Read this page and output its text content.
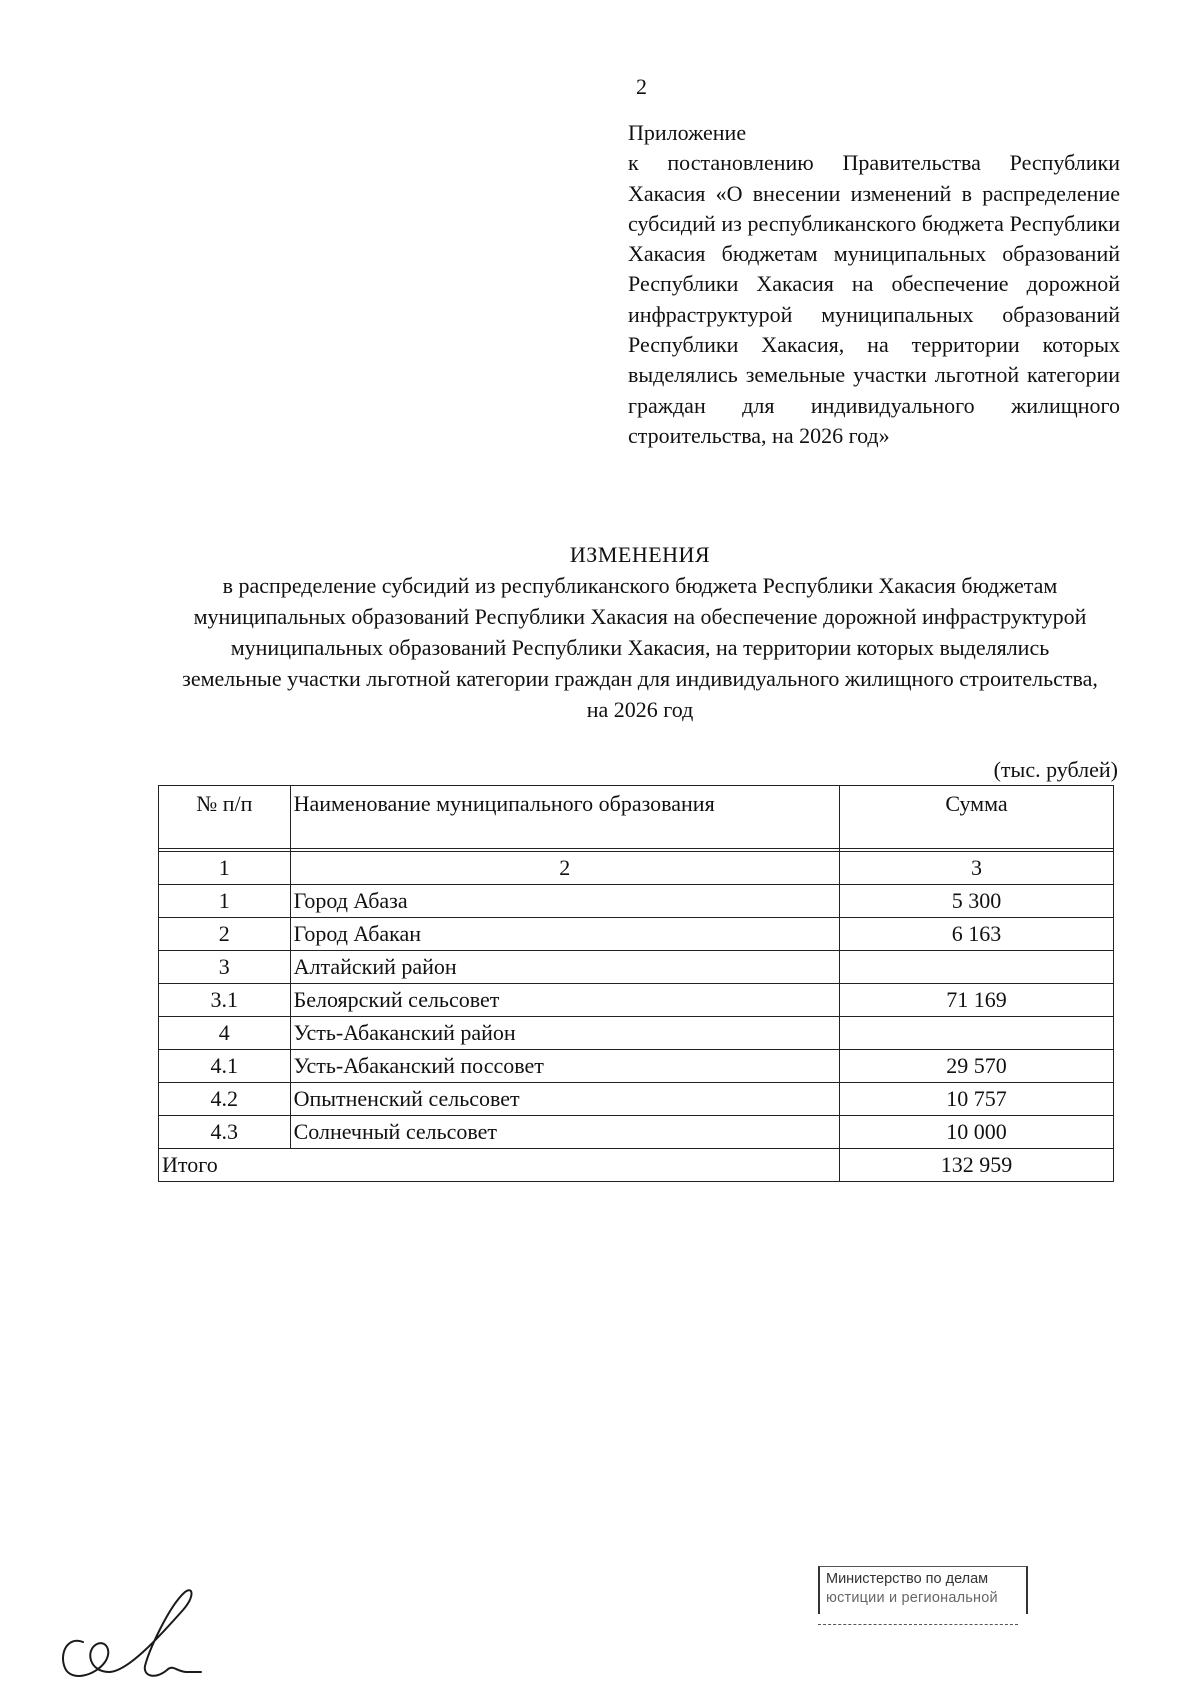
2

Приложение

к постановлению Правительства Республики Хакасия «О внесении изменений в распределение субсидий из республиканского бюджета Республики Хакасия бюджетам муниципальных образований Республики Хакасия на обеспечение дорожной инфраструктурой муниципальных образований Республики Хакасия, на территории которых выделялись земельные участки льготной категории граждан для индивидуального жилищного строительства, на 2026 год»

ИЗМЕНЕНИЯ

в распределение субсидий из республиканского бюджета Республики Хакасия бюджетам муниципальных образований Республики Хакасия на обеспечение дорожной инфраструктурой муниципальных образований Республики Хакасия, на территории которых выделялись земельные участки льготной категории граждан для индивидуального жилищного строительства, на 2026 год

(тыс. рублей)
№ п/п	Наименование муниципального образования	Сумма

1	2	3
1	Город Абаза	5 300
2	Город Абакан	6 163
3	Алтайский район	
3.1	Белоярский сельсовет	71 169
4	Усть-Абаканский район	
4.1	Усть-Абаканский поссовет	29 570
4.2	Опытненский сельсовет	10 757
4.3	Солнечный сельсовет	10 000
Итого		132 959
Министерство по делам
юстиции и региональной
